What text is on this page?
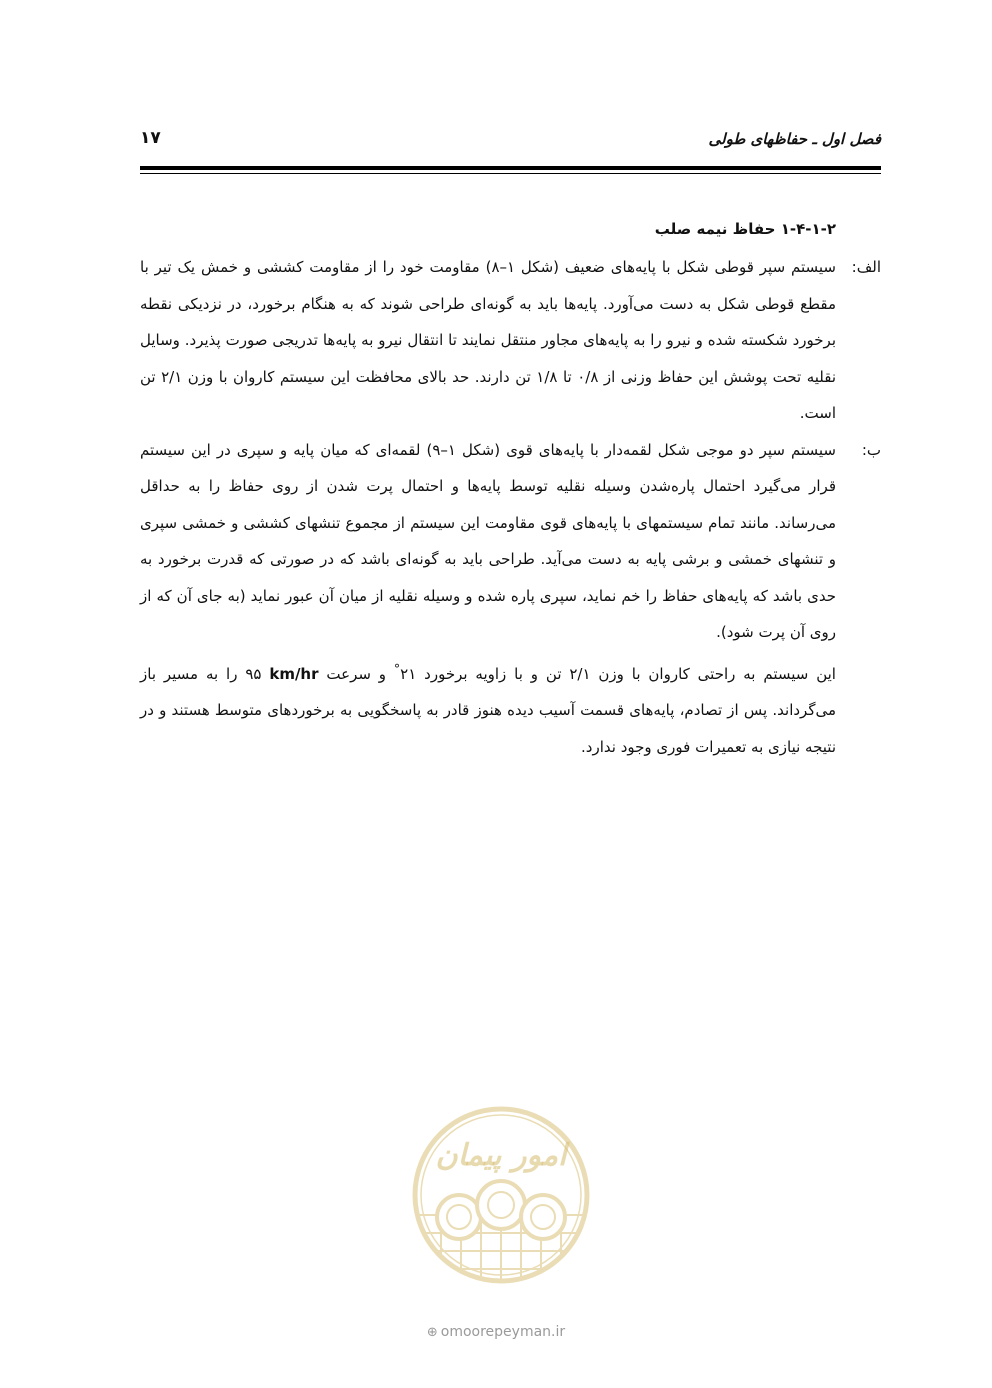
فصل اول ـ حفاظهای طولی
۱۷
۱-۴-۱-۲ حفاظ نیمه صلب
الف:
سیستم سپر قوطی شکل با پایه‌های ضعیف (شکل ۱–۸) مقاومت خود را از مقاومت کششی و خمش یک تیر با مقطع قوطی شکل به دست می‌آورد. پایه‌ها باید به گونه‌ای طراحی شوند که به هنگام برخورد، در نزدیکی نقطه برخورد شکسته شده و نیرو را به پایه‌های مجاور منتقل نمایند تا انتقال نیرو به پایه‌ها تدریجی صورت پذیرد. وسایل نقلیه تحت پوشش این حفاظ وزنی از ۰/۸ تا ۱/۸ تن دارند. حد بالای محافظت این سیستم کاروان با وزن ۲/۱ تن است.
ب:
سیستم سپر دو موجی شکل لقمه‌دار با پایه‌های قوی (شکل ۱–۹) لقمه‌ای که میان پایه و سپری در این سیستم قرار می‌گیرد احتمال پاره‌شدن وسیله نقلیه توسط پایه‌ها و احتمال پرت شدن از روی حفاظ را به حداقل می‌رساند. مانند تمام سیستمهای با پایه‌های قوی مقاومت این سیستم از مجموع تنشهای کششی و خمشی سپری و تنشهای خمشی و برشی پایه به دست می‌آید. طراحی باید به گونه‌ای باشد که در صورتی که قدرت برخورد به حدی باشد که پایه‌های حفاظ را خم نماید، سپری پاره شده و وسیله نقلیه از میان آن عبور نماید (به جای آن که از روی آن پرت شود).
این سیستم به راحتی کاروان با وزن ۲/۱ تن و با زاویه برخورد ۲۱° و سرعت km/hr ۹۵ را به مسیر باز می‌گرداند. پس از تصادم، پایه‌های قسمت آسیب دیده هنوز قادر به پاسخگویی به برخوردهای متوسط هستند و در نتیجه نیازی به تعمیرات فوری وجود ندارد.
امور پیمان
⊕ omoorepeyman.ir
